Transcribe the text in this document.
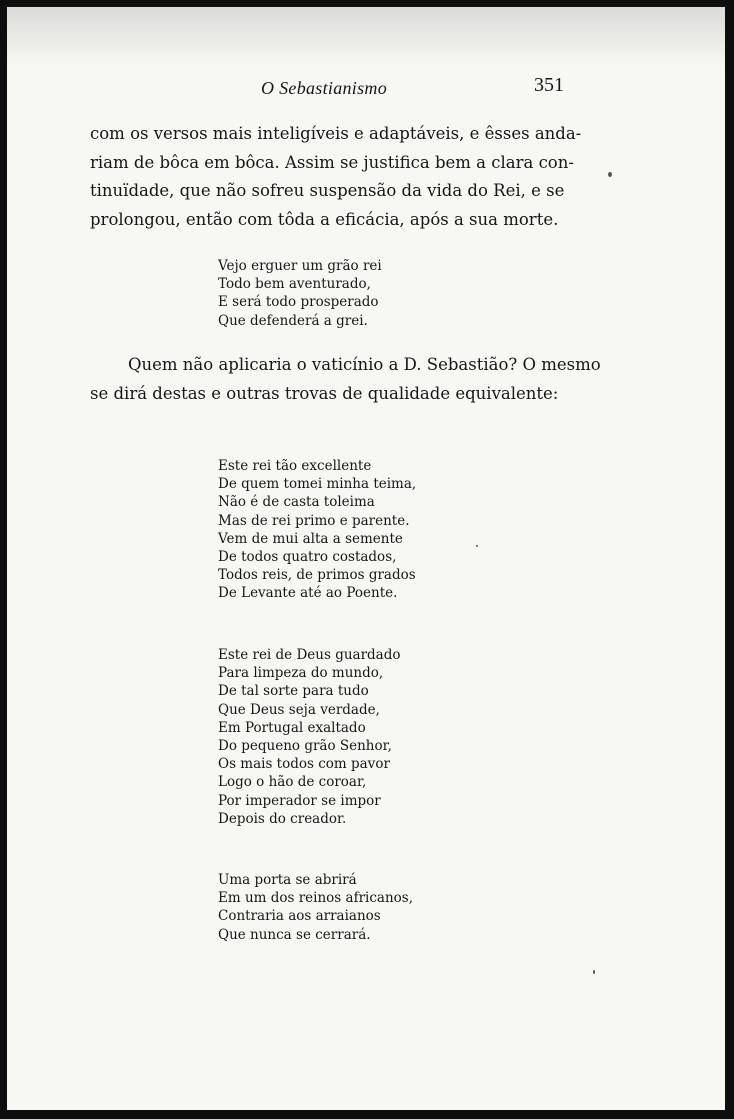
O Sebastianismo	351

com os versos mais inteligíveis e adaptáveis, e êsses anda-
riam de bôca em bôca. Assim se justifica bem a clara con-
tinuïdade, que não sofreu suspensão da vida do Rei, e se
prolongou, então com tôda a eficácia, após a sua morte.

Vejo erguer um grão rei
Todo bem aventurado,
E será todo prosperado
Que defenderá a grei.

Quem não aplicaria o vaticínio a D. Sebastião? O mesmo
se dirá destas e outras trovas de qualidade equivalente:

Este rei tão excellente
De quem tomei minha teima,
Não é de casta toleima
Mas de rei primo e parente.
Vem de mui alta a semente
De todos quatro costados,
Todos reis, de primos grados
De Levante até ao Poente.
Este rei de Deus guardado
Para limpeza do mundo,
De tal sorte para tudo
Que Deus seja verdade,
Em Portugal exaltado
Do pequeno grão Senhor,
Os mais todos com pavor
Logo o hão de coroar,
Por imperador se impor
Depois do creador.
Uma porta se abrirá
Em um dos reinos africanos,
Contraria aos arraianos
Que nunca se cerrará.
